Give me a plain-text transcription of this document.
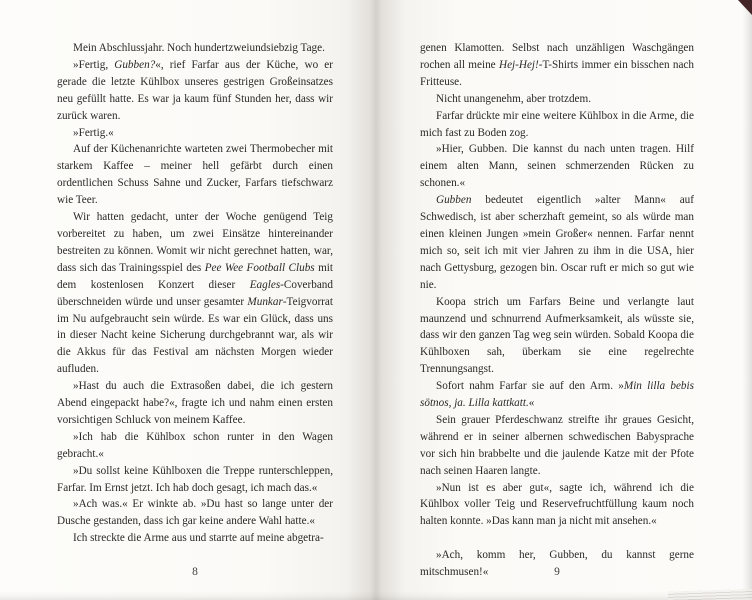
Mein Abschlussjahr. Noch hundertzweiundsiebzig Tage.

»Fertig, Gubben?«, rief Farfar aus der Küche, wo er gerade die letzte Kühlbox unseres gestrigen Großeinsatzes neu gefüllt hatte. Es war ja kaum fünf Stunden her, dass wir zurück waren.

»Fertig.«

Auf der Küchenanrichte warteten zwei Thermobecher mit starkem Kaffee – meiner hell gefärbt durch einen ordentlichen Schuss Sahne und Zucker, Farfars tiefschwarz wie Teer.

Wir hatten gedacht, unter der Woche genügend Teig vorbereitet zu haben, um zwei Einsätze hintereinander bestreiten zu können. Womit wir nicht gerechnet hatten, war, dass sich das Trainingsspiel des Pee Wee Football Clubs mit dem kostenlosen Konzert dieser Eagles-Coverband überschneiden würde und unser gesamter Munkar-Teigvorrat im Nu aufgebraucht sein würde. Es war ein Glück, dass uns in dieser Nacht keine Sicherung durchgebrannt war, als wir die Akkus für das Festival am nächsten Morgen wieder aufluden.

»Hast du auch die Extrasoßen dabei, die ich gestern Abend eingepackt habe?«, fragte ich und nahm einen ersten vorsichtigen Schluck von meinem Kaffee.

»Ich hab die Kühlbox schon runter in den Wagen gebracht.«

»Du sollst keine Kühlboxen die Treppe runterschleppen, Farfar. Im Ernst jetzt. Ich hab doch gesagt, ich mach das.«

»Ach was.« Er winkte ab. »Du hast so lange unter der Dusche gestanden, dass ich gar keine andere Wahl hatte.«

Ich streckte die Arme aus und starrte auf meine abgetra-

genen Klamotten. Selbst nach unzähligen Waschgängen rochen all meine Hej-Hej!-T-Shirts immer ein bisschen nach Fritteuse.

Nicht unangenehm, aber trotzdem.

Farfar drückte mir eine weitere Kühlbox in die Arme, die mich fast zu Boden zog.

»Hier, Gubben. Die kannst du nach unten tragen. Hilf einem alten Mann, seinen schmerzenden Rücken zu schonen.«

Gubben bedeutet eigentlich »alter Mann« auf Schwedisch, ist aber scherzhaft gemeint, so als würde man einen kleinen Jungen »mein Großer« nennen. Farfar nennt mich so, seit ich mit vier Jahren zu ihm in die USA, hier nach Gettysburg, gezogen bin. Oscar ruft er mich so gut wie nie.

Koopa strich um Farfars Beine und verlangte laut maunzend und schnurrend Aufmerksamkeit, als wüsste sie, dass wir den ganzen Tag weg sein würden. Sobald Koopa die Kühlboxen sah, überkam sie eine regelrechte Trennungsangst.

Sofort nahm Farfar sie auf den Arm. »Min lilla bebis sötnos, ja. Lilla kattkatt.«

Sein grauer Pferdeschwanz streifte ihr graues Gesicht, während er in seiner albernen schwedischen Babysprache vor sich hin brabbelte und die jaulende Katze mit der Pfote nach seinen Haaren langte.

»Nun ist es aber gut«, sagte ich, während ich die Kühlbox voller Teig und Reservefruchtfüllung kaum noch halten konnte. »Das kann man ja nicht mit ansehen.«

»Ach, komm her, Gubben, du kannst gerne mitschmusen!«

8	9
